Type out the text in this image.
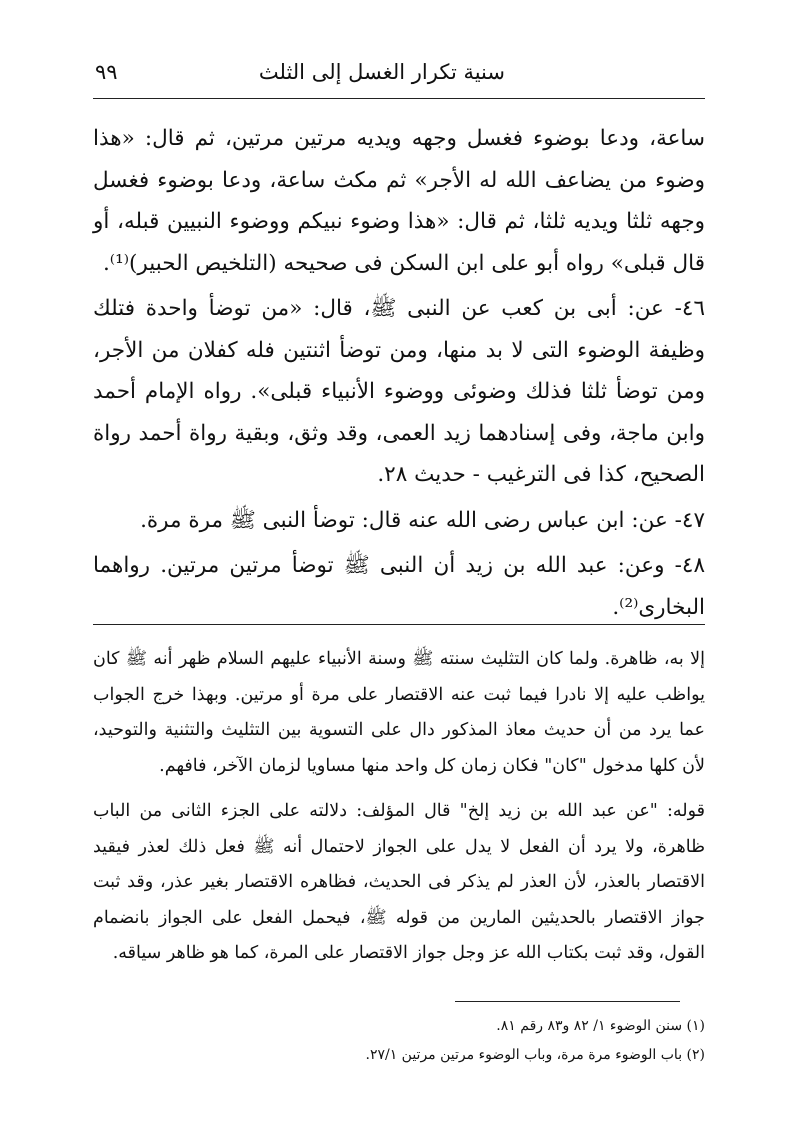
سنية تكرار الغسل إلى الثلث
٩٩

ساعة، ودعا بوضوء فغسل وجهه ويديه مرتين مرتين، ثم قال: «هذا وضوء من يضاعف الله له الأجر» ثم مكث ساعة، ودعا بوضوء فغسل وجهه ثلثا ويديه ثلثا، ثم قال: «هذا وضوء نبيكم ووضوء النبيين قبله، أو قال قبلى» رواه أبو على ابن السكن فى صحيحه (التلخيص الحبير)⁽¹⁾.

٤٦- عن: أبى بن كعب عن النبى ﷺ، قال: «من توضأ واحدة فتلك وظيفة الوضوء التى لا بد منها، ومن توضأ اثنتين فله كفلان من الأجر، ومن توضأ ثلثا فذلك وضوئى ووضوء الأنبياء قبلى». رواه الإمام أحمد وابن ماجة، وفى إسنادهما زيد العمى، وقد وثق، وبقية رواة أحمد رواة الصحيح، كذا فى الترغيب - حديث ٢٨.

٤٧- عن: ابن عباس رضى الله عنه قال: توضأ النبى ﷺ مرة مرة.

٤٨- وعن: عبد الله بن زيد أن النبى ﷺ توضأ مرتين مرتين. رواهما البخارى⁽²⁾.

إلا به، ظاهرة. ولما كان التثليث سنته ﷺ وسنة الأنبياء عليهم السلام ظهر أنه ﷺ كان يواظب عليه إلا نادرا فيما ثبت عنه الاقتصار على مرة أو مرتين. وبهذا خرج الجواب عما يرد من أن حديث معاذ المذكور دال على التسوية بين التثليث والتثنية والتوحيد، لأن كلها مدخول "كان" فكان زمان كل واحد منها مساويا لزمان الآخر، فافهم.

قوله: "عن عبد الله بن زيد إلخ" قال المؤلف: دلالته على الجزء الثانى من الباب ظاهرة، ولا يرد أن الفعل لا يدل على الجواز لاحتمال أنه ﷺ فعل ذلك لعذر فيقيد الاقتصار بالعذر، لأن العذر لم يذكر فى الحديث، فظاهره الاقتصار بغير عذر، وقد ثبت جواز الاقتصار بالحديثين المارين من قوله ﷺ، فيحمل الفعل على الجواز بانضمام القول، وقد ثبت بكتاب الله عز وجل جواز الاقتصار على المرة، كما هو ظاهر سياقه.

(١) سنن الوضوء ١/ ٨٢ و٨٣ رقم ٨١.
(٢) باب الوضوء مرة مرة، وباب الوضوء مرتين مرتين ٢٧/١.
